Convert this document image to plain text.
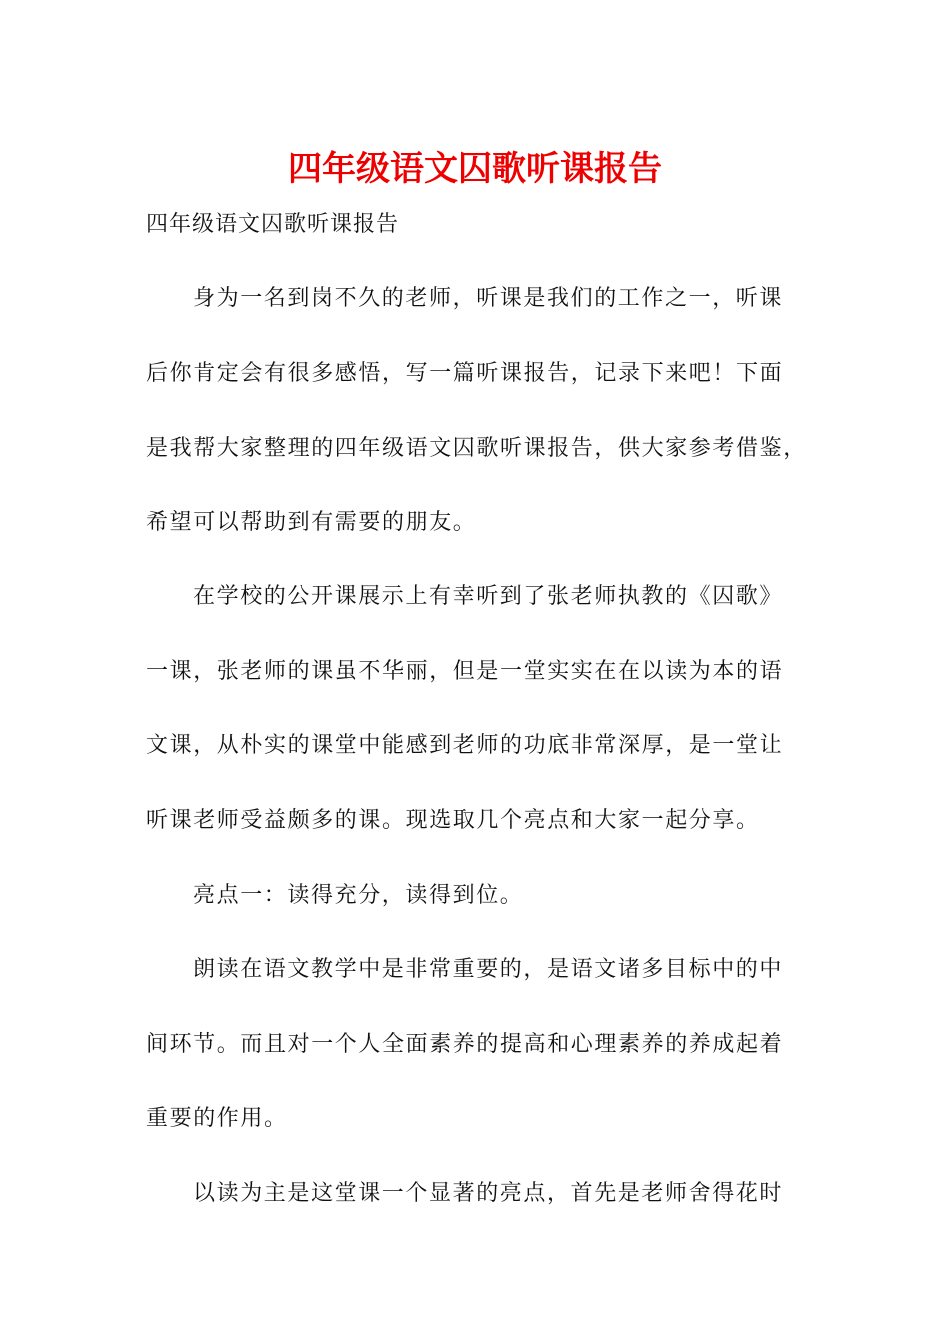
四年级语文囚歌听课报告

四年级语文囚歌听课报告

身为一名到岗不久的老师，听课是我们的工作之一，听课

后你肯定会有很多感悟，写一篇听课报告，记录下来吧！下面

是我帮大家整理的四年级语文囚歌听课报告，供大家参考借鉴，

希望可以帮助到有需要的朋友。

在学校的公开课展示上有幸听到了张老师执教的《囚歌》

一课，张老师的课虽不华丽，但是一堂实实在在以读为本的语

文课，从朴实的课堂中能感到老师的功底非常深厚，是一堂让

听课老师受益颇多的课。现选取几个亮点和大家一起分享。

亮点一：读得充分，读得到位。

朗读在语文教学中是非常重要的，是语文诸多目标中的中

间环节。而且对一个人全面素养的提高和心理素养的养成起着

重要的作用。

以读为主是这堂课一个显著的亮点，首先是老师舍得花时
